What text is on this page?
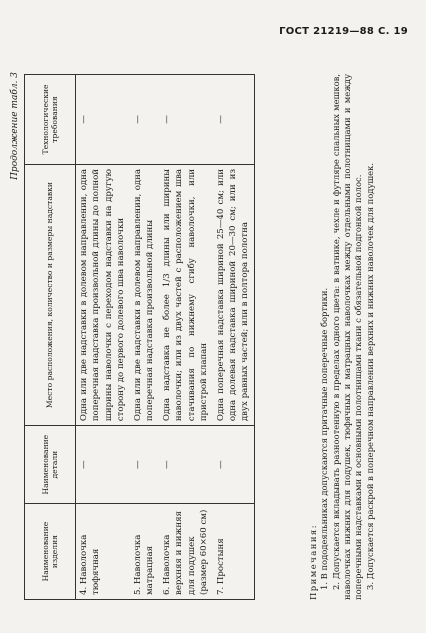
ГОСТ 21219—88 С. 19
Продолжение табл. 3
Наименование изделия	Наименование детали	Место расположения, количество и размеры надставки	Технологические требования
4. Наволочка тюфячная	—	Одна или две надставки в долевом направлении, одна поперечная надставка произвольной длины до полной ширины наволочки с переходом надставки на другую сторону до первого долевого шва наволочки	—
5. Наволочка матрацная	—	Одна или две надставки в долевом направлении, одна поперечная надставка произвольной длины	—
6. Наволочка верхняя и нижняя для подушек (размер 60×60 см)	—	Одна надставка не более 1/3 длины или ширины наволочки; или из двух частей с расположением шва стачивания по нижнему сгибу наволочки, или пристрой клапан	—
7. Простыня	—	Одна поперечная надставка шириной 25—40 см; или одна долевая надставка шириной 20—30 см; или из двух равных частей; или в полтора полотна	—
Примечания: 1. В пододеяльниках допускаются притачные поперечные бортики. 2. Допускается вкладывать разноотенную в пределах одного цвета: в ватнике, чехле и футляре спальных мешков, наволочках нижних для подушек, тюфячных и матрацных наволочках между отдельными полотнищами и между поперечными надставками и основными полотнищами ткани с обязательной подгонкой полос. 3. Допускается раскрой в поперечном направлении верхних и нижних наволочек для подушек.
